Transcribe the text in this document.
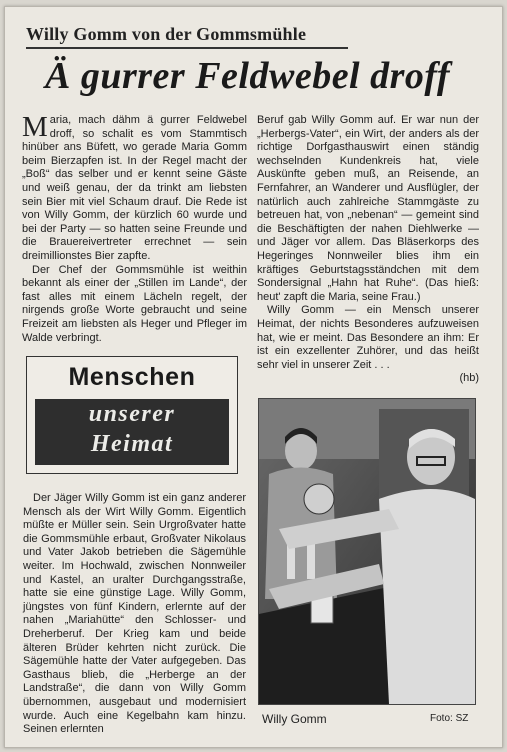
Willy Gomm von der Gommsmühle
Ä gurrer Feldwebel droff

Maria, mach dähm ä gurrer Feldwebel droff, so schalit es vom Stammtisch hinüber ans Büfett, wo gerade Maria Gomm beim Bierzapfen ist. In der Regel macht der „Boß“ das selber und er kennt seine Gäste und weiß genau, der da trinkt am liebsten sein Bier mit viel Schaum drauf. Die Rede ist von Willy Gomm, der kürzlich 60 wurde und bei der Party — so hatten seine Freunde und die Brauereivertreter errechnet — sein dreimillionstes Bier zapfte.

Der Chef der Gommsmühle ist weithin bekannt als einer der „Stillen im Lande“, der fast alles mit einem Lächeln regelt, der nirgends große Worte gebraucht und seine Freizeit am liebsten als Heger und Pfleger im Walde verbringt.

Beruf gab Willy Gomm auf. Er war nun der „Herbergs-Vater“, ein Wirt, der anders als der richtige Dorfgasthauswirt einen ständig wechselnden Kundenkreis hat, viele Auskünfte geben muß, an Reisende, an Fernfahrer, an Wanderer und Ausflügler, der natürlich auch zahlreiche Stammgäste zu betreuen hat, von „nebenan“ — gemeint sind die Beschäftigten der nahen Diehlwerke — und Jäger vor allem. Das Bläserkorps des Hegeringes Nonnweiler blies ihm ein kräftiges Geburtstagsständchen mit dem Sondersignal „Hahn hat Ruhe“. (Das hieß: heut' zapft die Maria, seine Frau.)

Willy Gomm — ein Mensch unserer Heimat, der nichts Besonderes aufzuweisen hat, wie er meint. Das Besondere an ihm: Er ist ein exzellenter Zuhörer, und das heißt sehr viel in unserer Zeit . . .

(hb)
Menschen
unserer
Heimat

Der Jäger Willy Gomm ist ein ganz anderer Mensch als der Wirt Willy Gomm. Eigentlich müßte er Müller sein. Sein Urgroßvater hatte die Gommsmühle erbaut, Großvater Nikolaus und Vater Jakob betrieben die Sägemühle weiter. Im Hochwald, zwischen Nonnweiler und Kastel, an uralter Durchgangsstraße, hatte sie eine günstige Lage. Willy Gomm, jüngstes von fünf Kindern, erlernte auf der nahen „Mariahütte“ den Schlosser- und Dreherberuf. Der Krieg kam und beide älteren Brüder kehrten nicht zurück. Die Sägemühle hatte der Vater aufgegeben. Das Gasthaus blieb, die „Herberge an der Landstraße“, die dann von Willy Gomm übernommen, ausgebaut und modernisiert wurde. Auch eine Kegelbahn kam hinzu. Seinen erlernten

Willy Gomm	Foto: SZ
